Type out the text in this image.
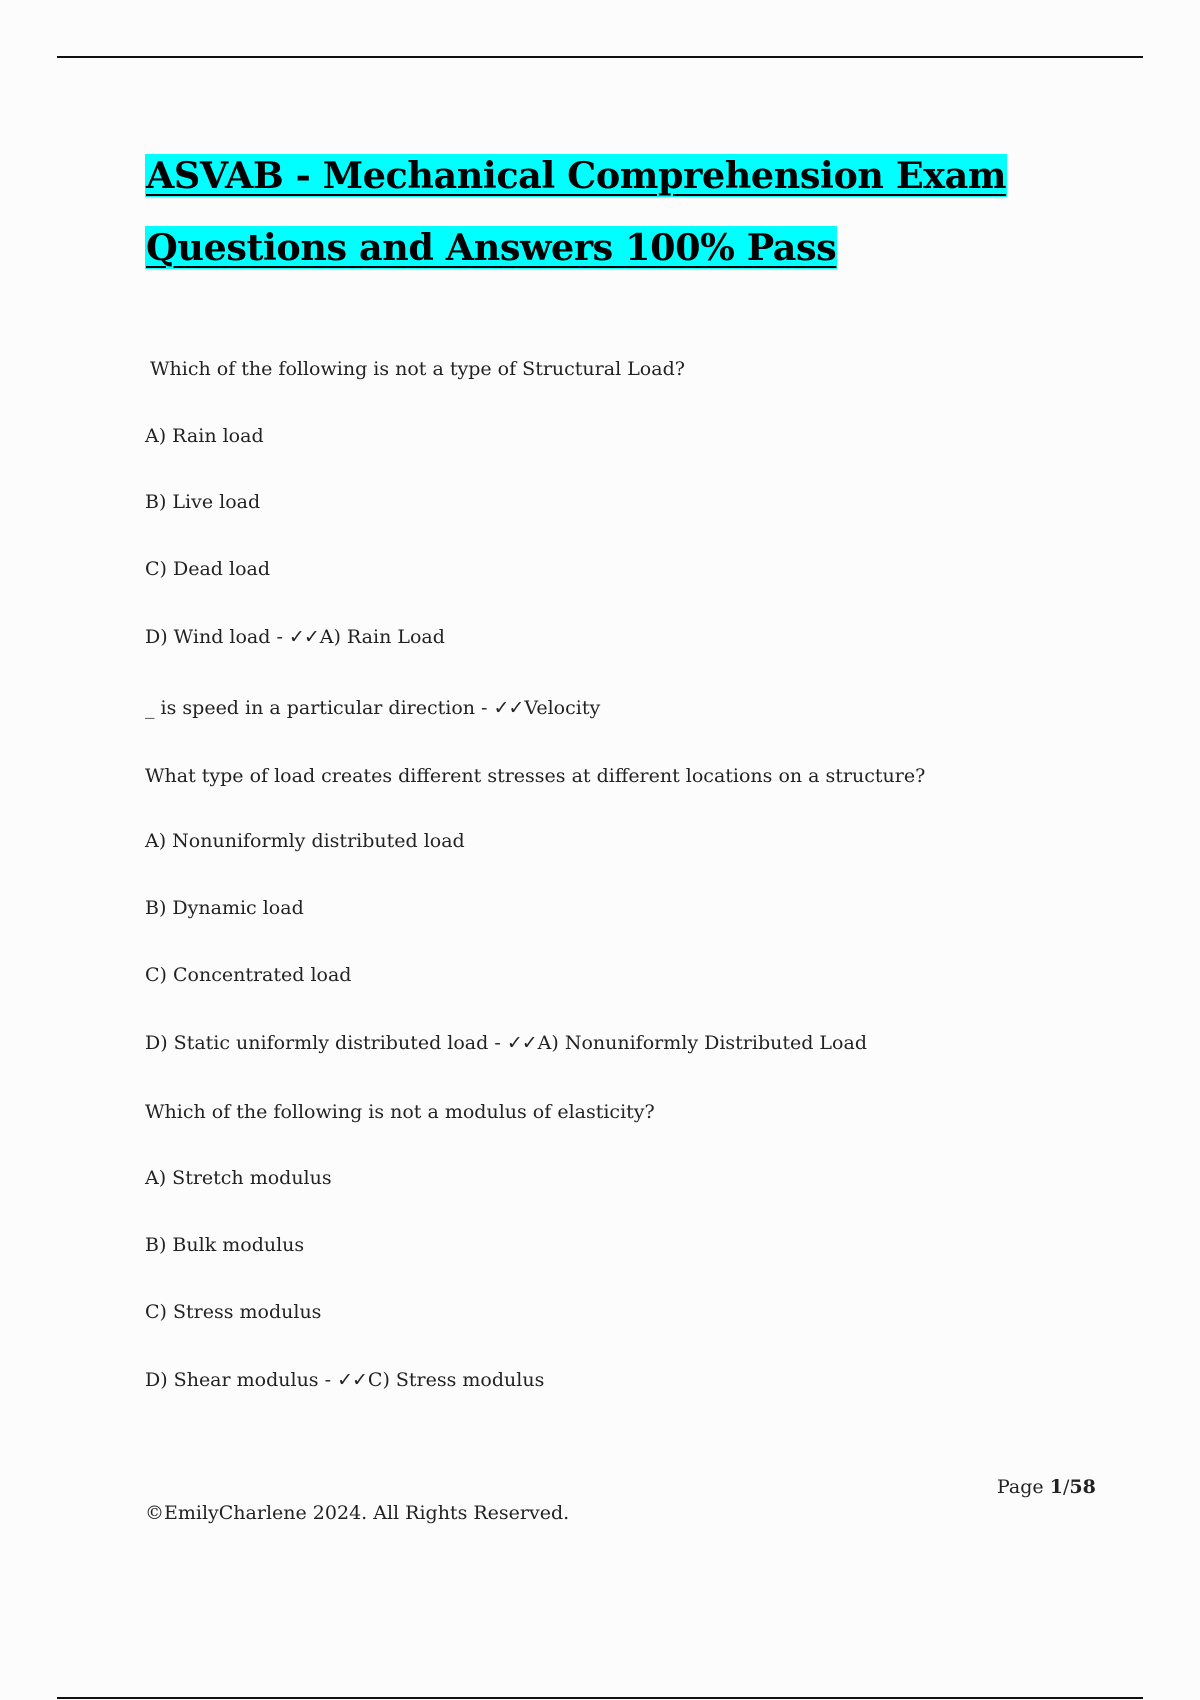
ASVAB - Mechanical Comprehension Exam
Questions and Answers 100% Pass

Which of the following is not a type of Structural Load?

A) Rain load

B) Live load

C) Dead load

D) Wind load - ✓✓A) Rain Load

_ is speed in a particular direction - ✓✓Velocity

What type of load creates different stresses at different locations on a structure?

A) Nonuniformly distributed load

B) Dynamic load

C) Concentrated load

D) Static uniformly distributed load - ✓✓A) Nonuniformly Distributed Load

Which of the following is not a modulus of elasticity?

A) Stretch modulus

B) Bulk modulus

C) Stress modulus

D) Shear modulus - ✓✓C) Stress modulus

Page 1/58
©EmilyCharlene 2024. All Rights Reserved.
